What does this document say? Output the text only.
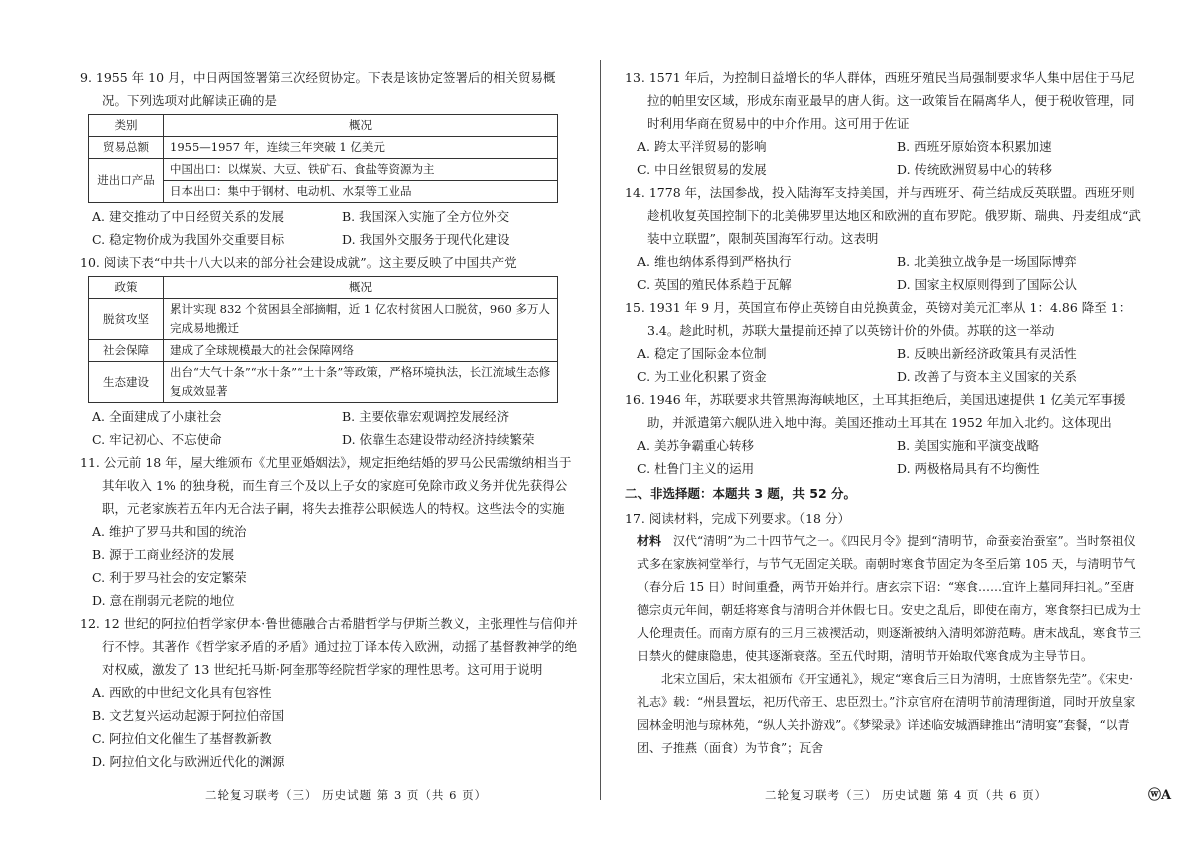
9. 1955 年 10 月，中日两国签署第三次经贸协定。下表是该协定签署后的相关贸易概况。下列选项对此解读正确的是

类别	概况
贸易总额	1955—1957 年，连续三年突破 1 亿美元
进出口产品	中国出口：以煤炭、大豆、铁矿石、食盐等资源为主
	日本出口：集中于钢材、电动机、水泵等工业品
A. 建交推动了中日经贸关系的发展	B. 我国深入实施了全方位外交
C. 稳定物价成为我国外交重要目标	D. 我国外交服务于现代化建设

10. 阅读下表“中共十八大以来的部分社会建设成就”。这主要反映了中国共产党

政策	概况
脱贫攻坚	累计实现 832 个贫困县全部摘帽，近 1 亿农村贫困人口脱贫，960 多万人完成易地搬迁
社会保障	建成了全球规模最大的社会保障网络
生态建设	出台“大气十条”“水十条”“土十条”等政策，严格环境执法，长江流域生态修复成效显著
A. 全面建成了小康社会	B. 主要依靠宏观调控发展经济
C. 牢记初心、不忘使命	D. 依靠生态建设带动经济持续繁荣

11. 公元前 18 年，屋大维颁布《尤里亚婚姻法》，规定拒绝结婚的罗马公民需缴纳相当于其年收入 1% 的独身税，而生育三个及以上子女的家庭可免除市政义务并优先获得公职，元老家族若五年内无合法子嗣，将失去推荐公职候选人的特权。这些法令的实施

A. 维护了罗马共和国的统治

B. 源于工商业经济的发展

C. 利于罗马社会的安定繁荣

D. 意在削弱元老院的地位

12. 12 世纪的阿拉伯哲学家伊本·鲁世德融合古希腊哲学与伊斯兰教义，主张理性与信仰并行不悖。其著作《哲学家矛盾的矛盾》通过拉丁译本传入欧洲，动摇了基督教神学的绝对权威，激发了 13 世纪托马斯·阿奎那等经院哲学家的理性思考。这可用于说明

A. 西欧的中世纪文化具有包容性

B. 文艺复兴运动起源于阿拉伯帝国

C. 阿拉伯文化催生了基督教新教

D. 阿拉伯文化与欧洲近代化的渊源

13. 1571 年后，为控制日益增长的华人群体，西班牙殖民当局强制要求华人集中居住于马尼拉的帕里安区域，形成东南亚最早的唐人街。这一政策旨在隔离华人，便于税收管理，同时利用华商在贸易中的中介作用。这可用于佐证

A. 跨太平洋贸易的影响	B. 西班牙原始资本积累加速
C. 中日丝银贸易的发展	D. 传统欧洲贸易中心的转移

14. 1778 年，法国参战，投入陆海军支持美国，并与西班牙、荷兰结成反英联盟。西班牙则趁机收复英国控制下的北美佛罗里达地区和欧洲的直布罗陀。俄罗斯、瑞典、丹麦组成“武装中立联盟”，限制英国海军行动。这表明

A. 维也纳体系得到严格执行	B. 北美独立战争是一场国际博弈
C. 英国的殖民体系趋于瓦解	D. 国家主权原则得到了国际公认

15. 1931 年 9 月，英国宣布停止英镑自由兑换黄金，英镑对美元汇率从 1：4.86 降至 1：3.4。趁此时机，苏联大量提前还掉了以英镑计价的外债。苏联的这一举动

A. 稳定了国际金本位制	B. 反映出新经济政策具有灵活性
C. 为工业化积累了资金	D. 改善了与资本主义国家的关系

16. 1946 年，苏联要求共管黑海海峡地区，土耳其拒绝后，美国迅速提供 1 亿美元军事援助，并派遣第六舰队进入地中海。美国还推动土耳其在 1952 年加入北约。这体现出

A. 美苏争霸重心转移	B. 美国实施和平演变战略
C. 杜鲁门主义的运用	D. 两极格局具有不均衡性

二、非选择题：本题共 3 题，共 52 分。

17. 阅读材料，完成下列要求。（18 分）

材料　 汉代“清明”为二十四节气之一。《四民月令》提到“清明节，命蚕妾治蚕室”。当时祭祖仪式多在家族祠堂举行，与节气无固定关联。南朝时寒食节固定为冬至后第 105 天，与清明节气（春分后 15 日）时间重叠，两节开始并行。唐玄宗下诏：“寒食……宜许上墓同拜扫礼。”至唐德宗贞元年间，朝廷将寒食与清明合并休假七日。安史之乱后，即使在南方，寒食祭扫已成为士人伦理责任。而南方原有的三月三祓禊活动，则逐渐被纳入清明郊游范畴。唐末战乱，寒食节三日禁火的健康隐患，使其逐渐衰落。至五代时期，清明节开始取代寒食成为主导节日。

北宋立国后，宋太祖颁布《开宝通礼》，规定“寒食后三日为清明，士庶皆祭先茔”。《宋史·礼志》载：“州县置坛，祀历代帝王、忠臣烈士。”汴京官府在清明节前清理街道，同时开放皇家园林金明池与琼林苑，“纵人关扑游戏”。《梦梁录》详述临安城酒肆推出“清明宴”套餐，“以青团、子推燕（面食）为节食”；瓦舍

二轮复习联考（三） 历史试题 第 3 页（共 6 页）	二轮复习联考（三） 历史试题 第 4 页（共 6 页）	ⓦA
